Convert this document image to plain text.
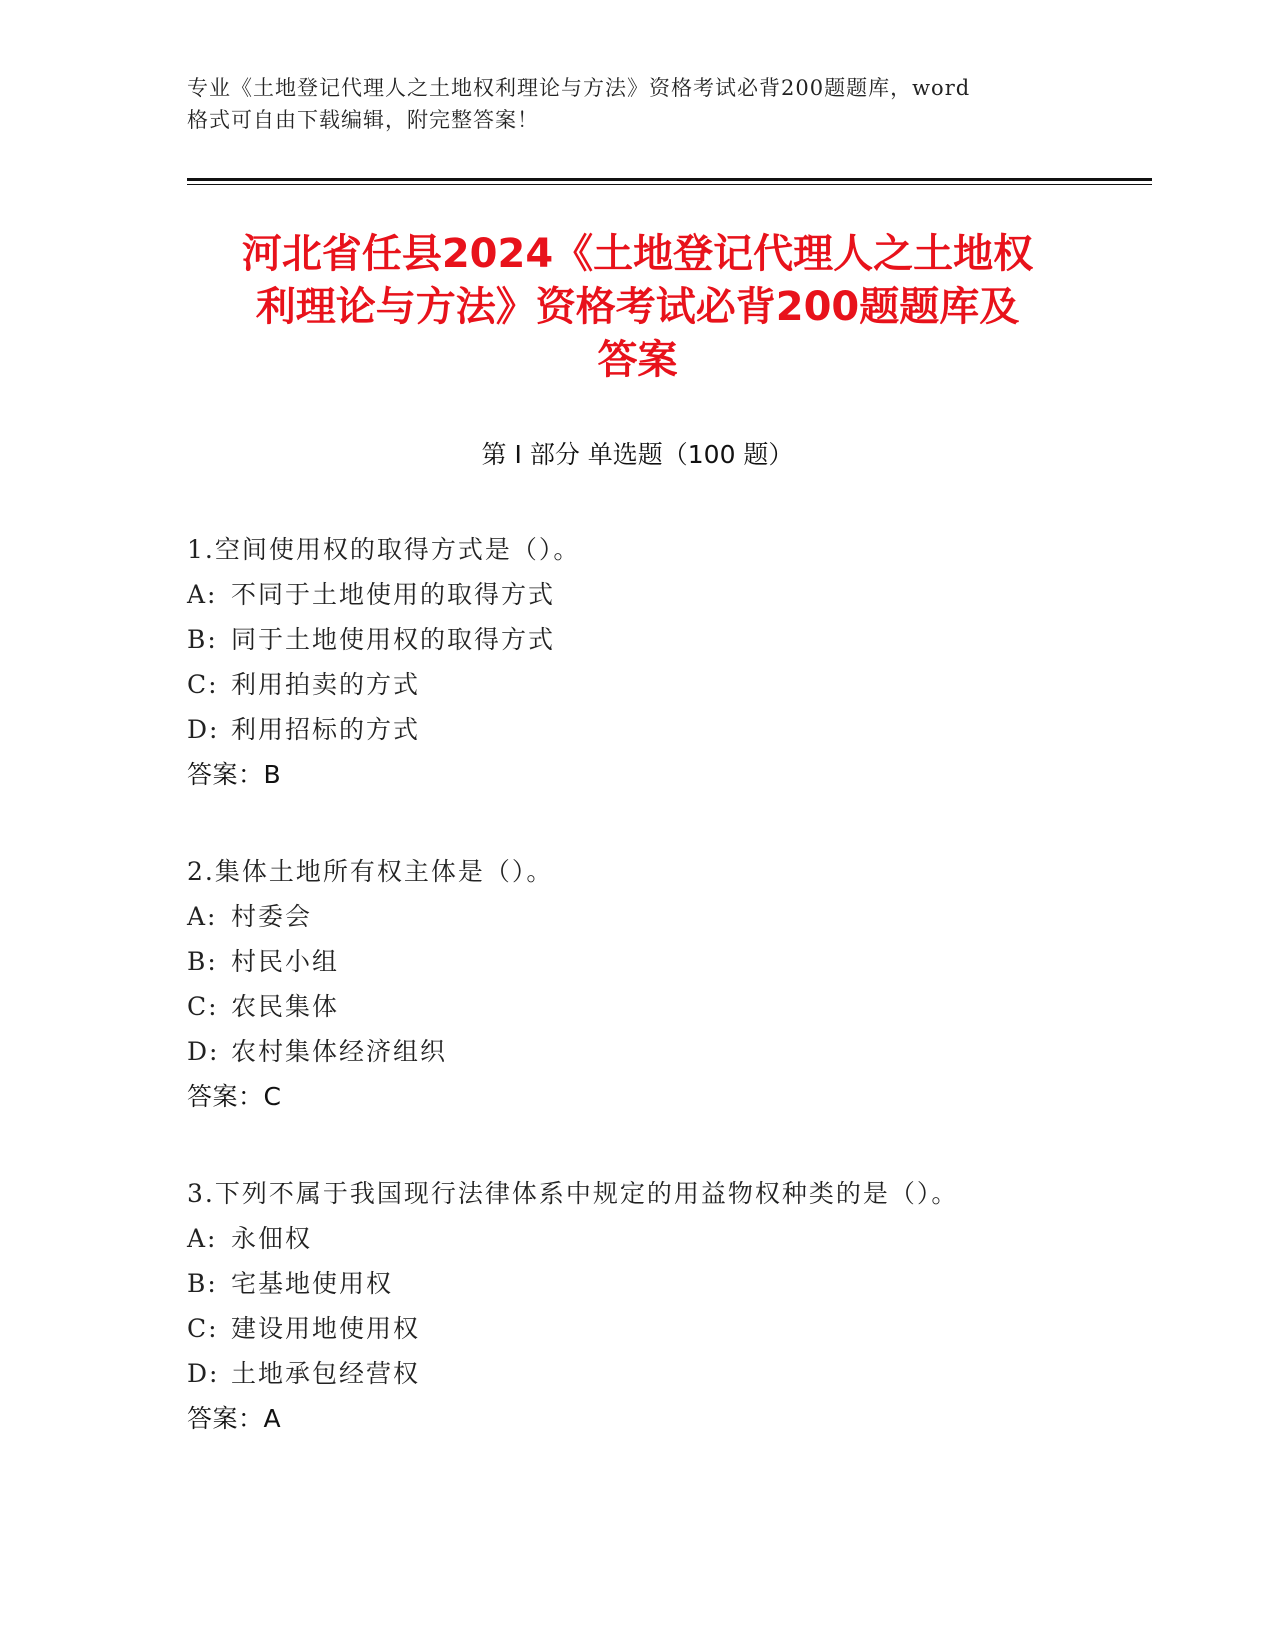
专业《土地登记代理人之土地权利理论与方法》资格考试必背200题题库，word
格式可自由下载编辑，附完整答案！
河北省任县2024《土地登记代理人之土地权
利理论与方法》资格考试必背200题题库及
答案
第 I 部分 单选题（100 题）
1.空间使用权的取得方式是（）。
A: 不同于土地使用的取得方式
B: 同于土地使用权的取得方式
C: 利用拍卖的方式
D: 利用招标的方式
答案：B
2.集体土地所有权主体是（）。
A: 村委会
B: 村民小组
C: 农民集体
D: 农村集体经济组织
答案：C
3.下列不属于我国现行法律体系中规定的用益物权种类的是（）。
A: 永佃权
B: 宅基地使用权
C: 建设用地使用权
D: 土地承包经营权
答案：A
